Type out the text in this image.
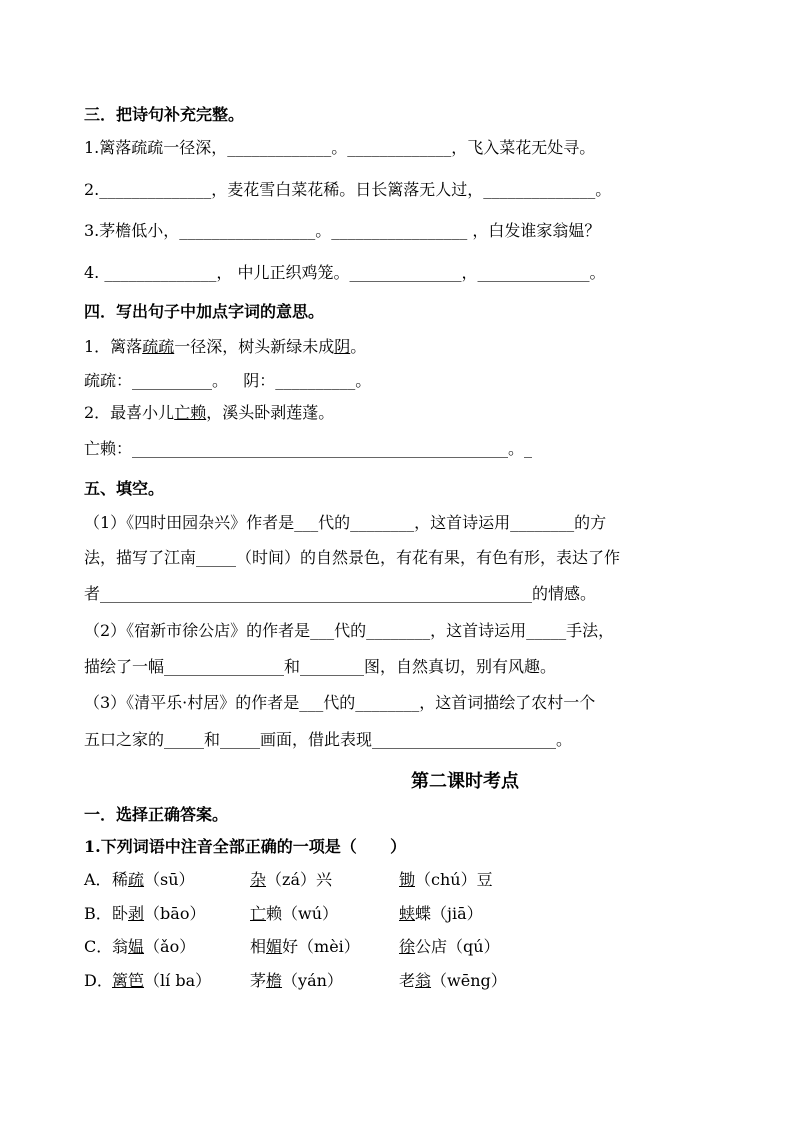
三．把诗句补充完整。
1.篱落疏疏一径深，_____________。_____________，飞入菜花无处寻。
2.______________，麦花雪白菜花稀。日长篱落无人过，______________。
3.茅檐低小，_________________。_________________ ，白发谁家翁媪？
4. ______________， 中儿正织鸡笼。______________，______________。
四．写出句子中加点字词的意思。
1．篱落疏疏一径深，树头新绿未成阴。
疏疏：__________。   阴：__________。
2．最喜小儿亡赖，溪头卧剥莲蓬。
亡赖：_______________________________________________。_
五、填空。
（1）《四时田园杂兴》作者是___代的________，这首诗运用________的方
法，描写了江南_____（时间）的自然景色，有花有果，有色有形，表达了作
者______________________________________________________的情感。
（2）《宿新市徐公店》的作者是___代的________，这首诗运用_____手法，
描绘了一幅_______________和________图，自然真切，别有风趣。
（3）《清平乐·村居》的作者是___代的________，这首词描绘了农村一个
五口之家的_____和_____画面，借此表现_______________________。
第二课时考点
一．选择正确答案。
1.下列词语中注音全部正确的一项是（      ）
A． 稀疏（sū）	杂（zá）兴	锄（chú）豆
B． 卧剥（bāo）	亡赖（wú）	蛱蝶（jiā）
C． 翁媪（ǎo）	相媚好（mèi） 徐公店（qú）
D． 篱笆（lí ba） 茅檐（yán）	老翁（wēng）
